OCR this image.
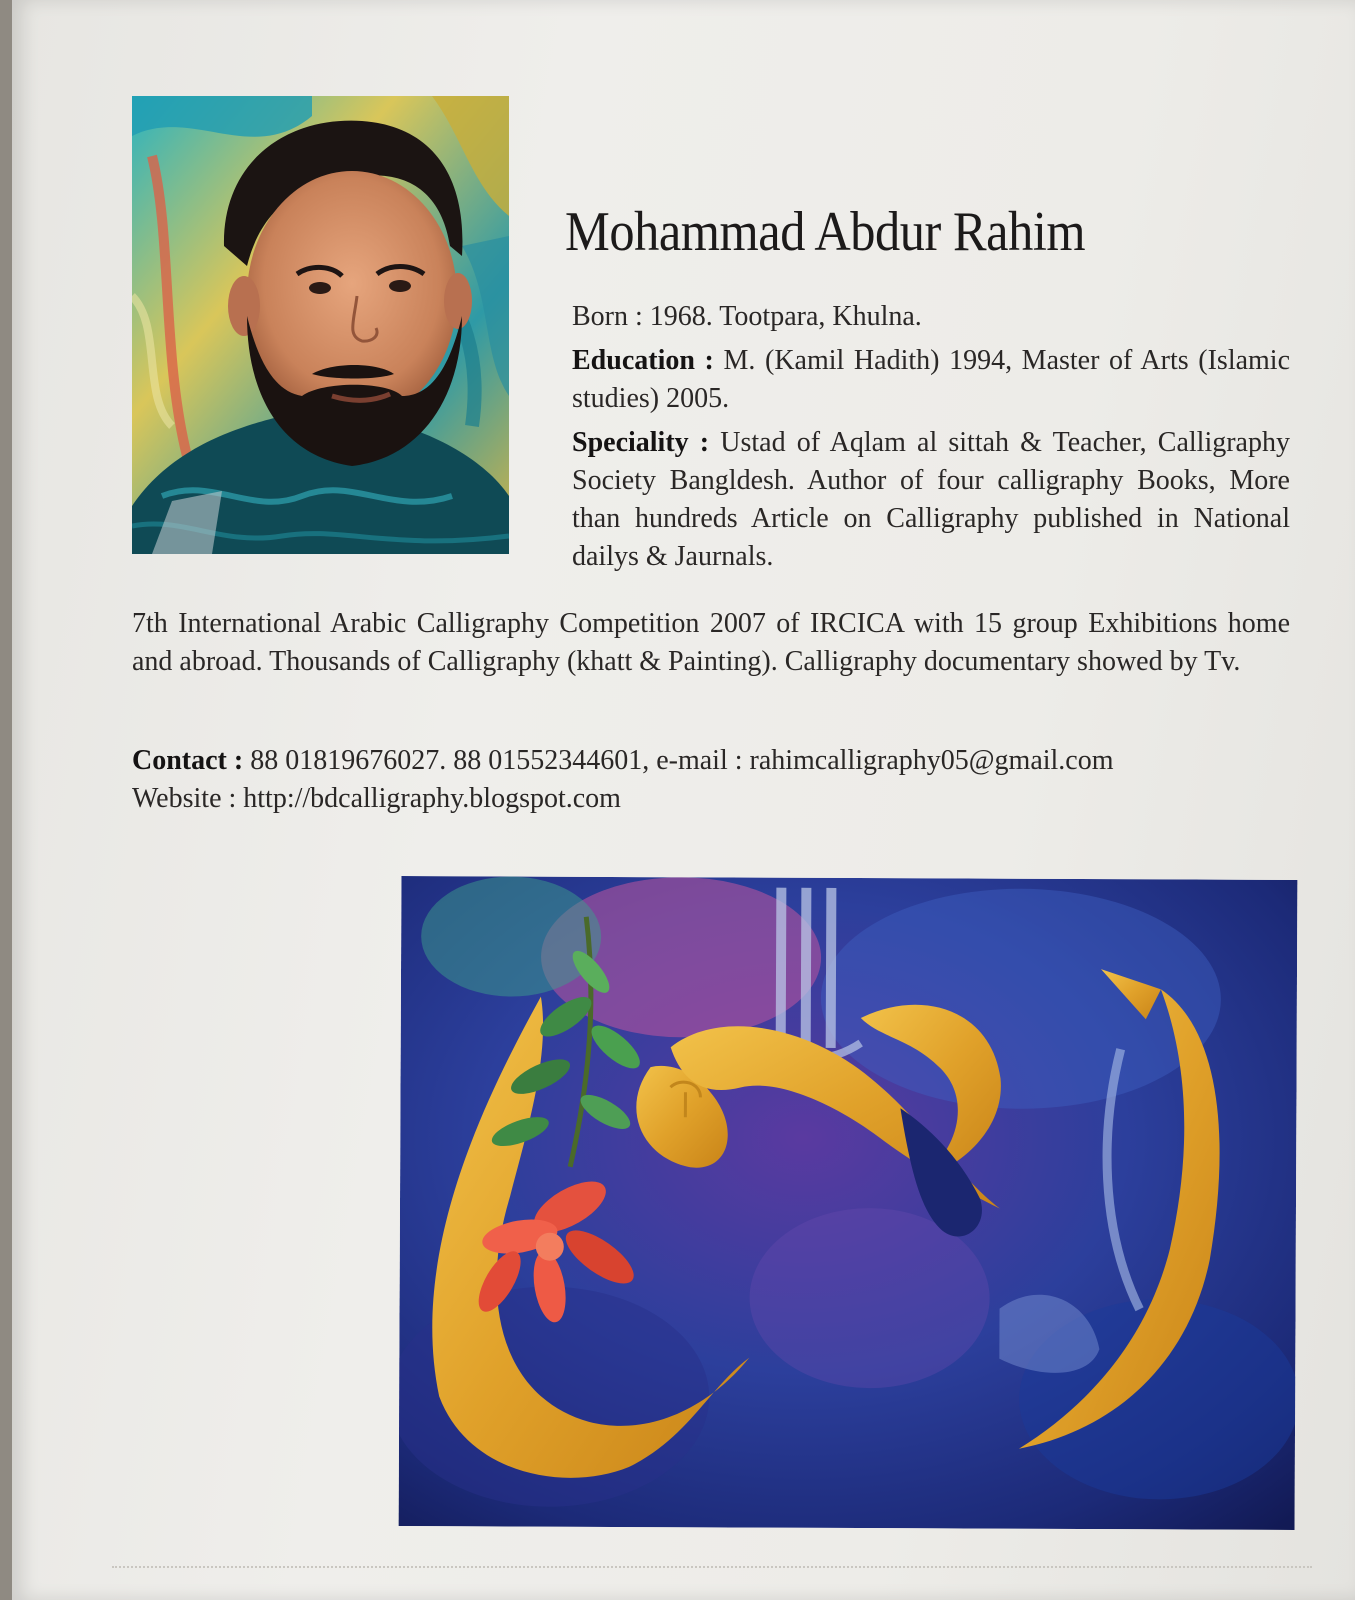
Mohammad Abdur Rahim

Born : 1968. Tootpara, Khulna.

Education : M. (Kamil Hadith) 1994, Master of Arts (Islamic studies) 2005.

Speciality : Ustad of Aqlam al sittah & Teacher, Calligraphy Society Bangldesh. Author of four calligraphy Books, More than hundreds Article on Calligraphy published in National dailys & Jaurnals.

7th International Arabic Calligraphy Competition 2007 of IRCICA with 15 group Exhibitions home and abroad. Thousands of Calligraphy (khatt & Painting). Calligraphy documentary showed by Tv.
Contact : 88 01819676027. 88 01552344601, e-mail : rahimcalligraphy05@gmail.com
Website : http://bdcalligraphy.blogspot.com
